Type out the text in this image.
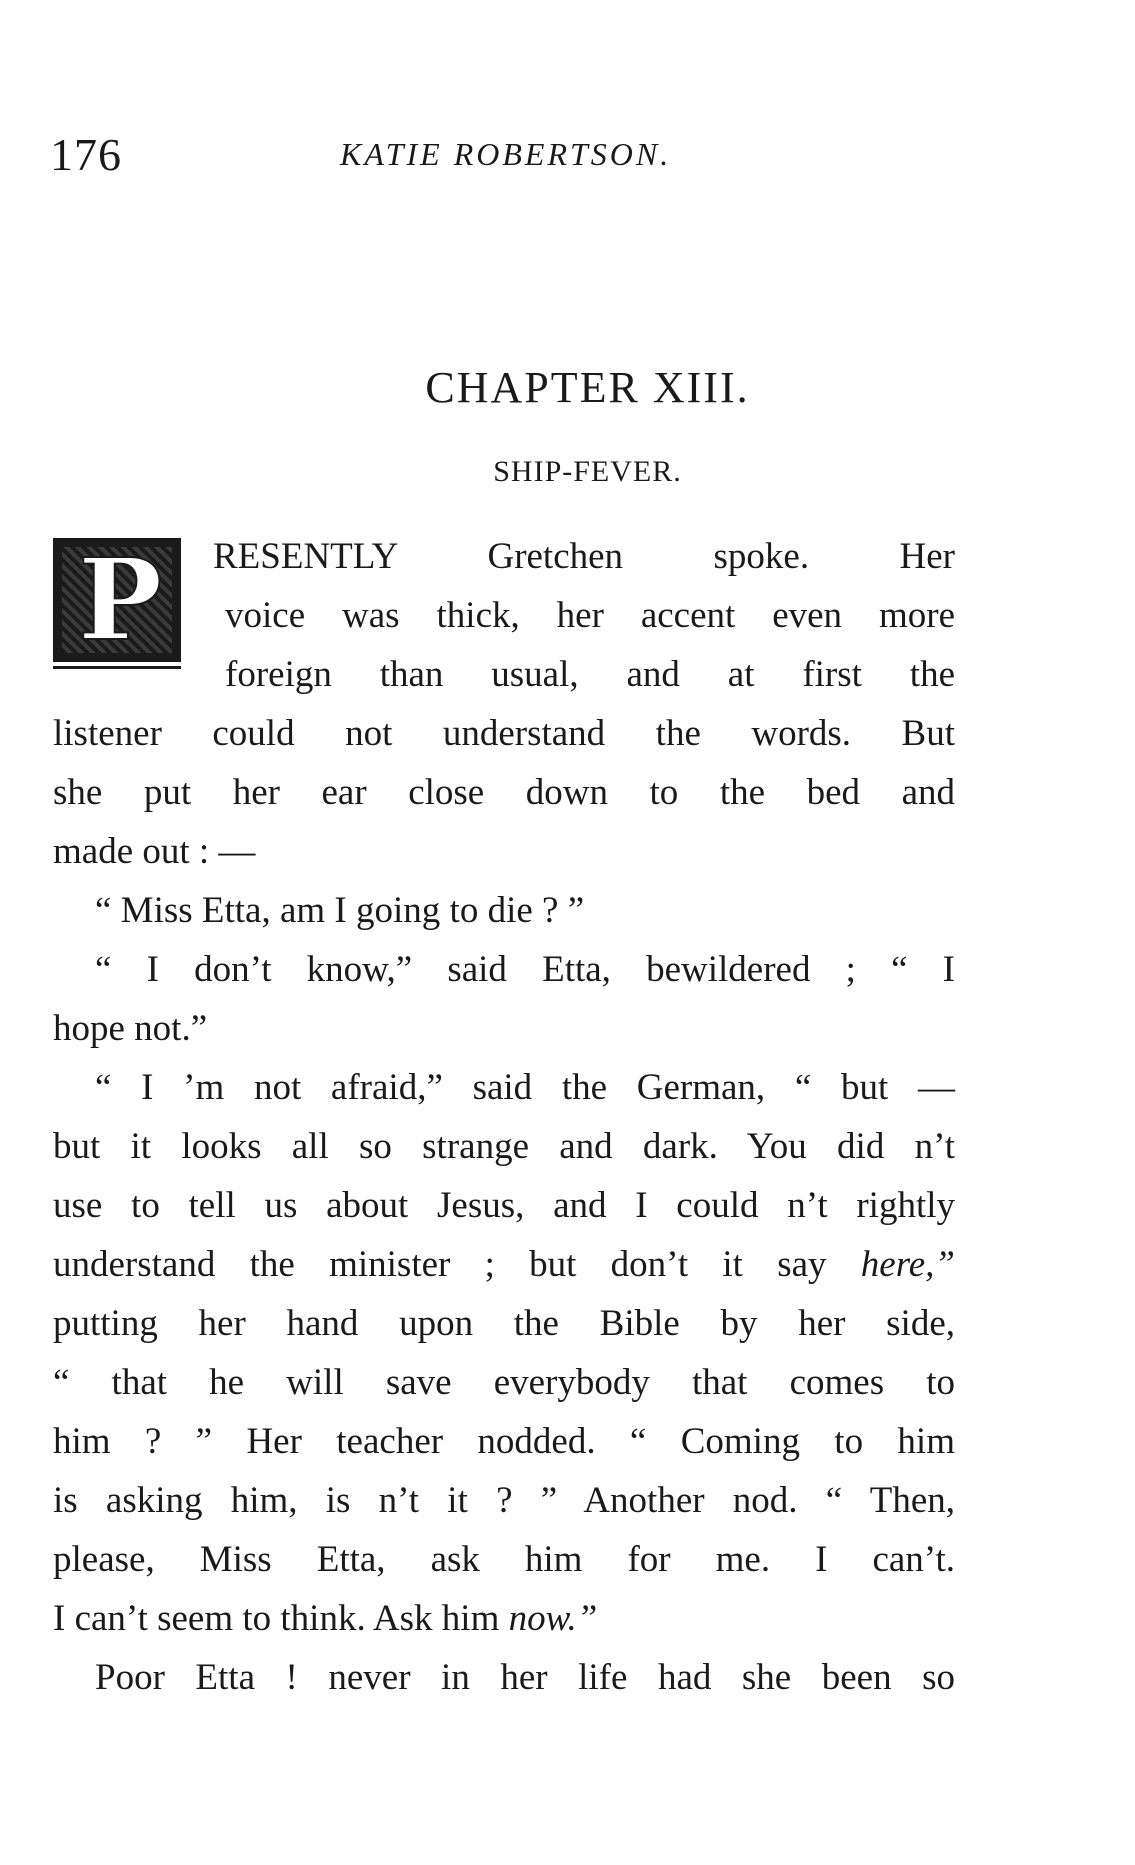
176	KATIE ROBERTSON.
CHAPTER XIII.
SHIP-FEVER.
P RESENTLY Gretchen spoke. Her
voice was thick, her accent even more
foreign than usual, and at first the
listener could not understand the words. But
she put her ear close down to the bed and
made out : —
“ Miss Etta, am I going to die ? ”
“ I don’t know,” said Etta, bewildered ; “ I
hope not.”
“ I ’m not afraid,” said the German, “ but —
but it looks all so strange and dark. You did n’t
use to tell us about Jesus, and I could n’t rightly
understand the minister ; but don’t it say here,”
putting her hand upon the Bible by her side,
“ that he will save everybody that comes to
him ? ” Her teacher nodded. “ Coming to him
is asking him, is n’t it ? ” Another nod. “ Then,
please, Miss Etta, ask him for me. I can’t.
I can’t seem to think. Ask him now.”
Poor Etta ! never in her life had she been so
